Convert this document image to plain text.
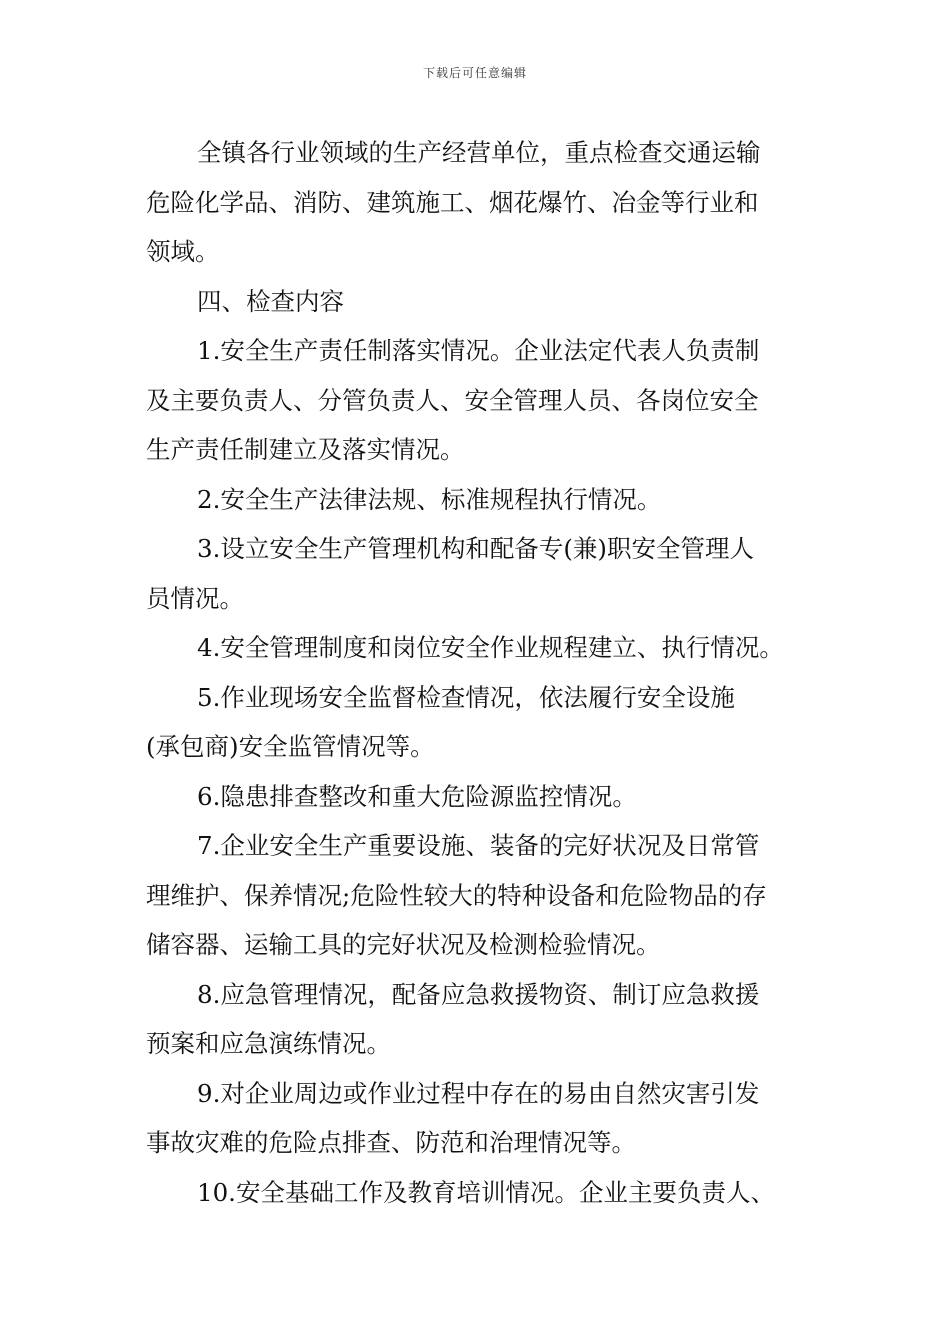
下载后可任意编辑
全镇各行业领域的生产经营单位，重点检查交通运输
危险化学品、消防、建筑施工、烟花爆竹、冶金等行业和
领域。
四、检查内容
1.安全生产责任制落实情况。企业法定代表人负责制
及主要负责人、分管负责人、安全管理人员、各岗位安全
生产责任制建立及落实情况。
2.安全生产法律法规、标准规程执行情况。
3.设立安全生产管理机构和配备专(兼)职安全管理人
员情况。
4.安全管理制度和岗位安全作业规程建立、执行情况。
5.作业现场安全监督检查情况，依法履行安全设施
(承包商)安全监管情况等。
6.隐患排查整改和重大危险源监控情况。
7.企业安全生产重要设施、装备的完好状况及日常管
理维护、保养情况;危险性较大的特种设备和危险物品的存
储容器、运输工具的完好状况及检测检验情况。
8.应急管理情况，配备应急救援物资、制订应急救援
预案和应急演练情况。
9.对企业周边或作业过程中存在的易由自然灾害引发
事故灾难的危险点排查、防范和治理情况等。
10.安全基础工作及教育培训情况。企业主要负责人、
